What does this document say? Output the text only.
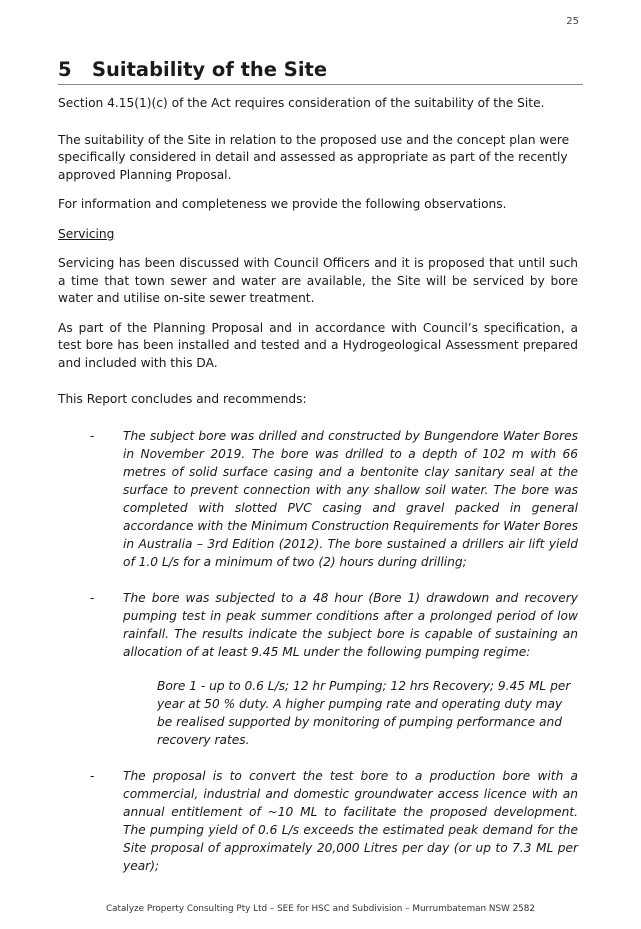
25
5 Suitability of the Site

Section 4.15(1)(c) of the Act requires consideration of the suitability of the Site.

The suitability of the Site in relation to the proposed use and the concept plan were specifically considered in detail and assessed as appropriate as part of the recently approved Planning Proposal.

For information and completeness we provide the following observations.

Servicing

Servicing has been discussed with Council Officers and it is proposed that until such a time that town sewer and water are available, the Site will be serviced by bore water and utilise on-site sewer treatment.

As part of the Planning Proposal and in accordance with Council’s specification, a test bore has been installed and tested and a Hydrogeological Assessment prepared and included with this DA.

This Report concludes and recommends:

-	The subject bore was drilled and constructed by Bungendore Water Bores in November 2019. The bore was drilled to a depth of 102 m with 66 metres of solid surface casing and a bentonite clay sanitary seal at the surface to prevent connection with any shallow soil water. The bore was completed with slotted PVC casing and gravel packed in general accordance with the Minimum Construction Requirements for Water Bores in Australia – 3rd Edition (2012). The bore sustained a drillers air lift yield of 1.0 L/s for a minimum of two (2) hours during drilling;
-	The bore was subjected to a 48 hour (Bore 1) drawdown and recovery pumping test in peak summer conditions after a prolonged period of low rainfall. The results indicate the subject bore is capable of sustaining an allocation of at least 9.45 ML under the following pumping regime:
Bore 1 - up to 0.6 L/s; 12 hr Pumping; 12 hrs Recovery; 9.45 ML per year at 50 % duty. A higher pumping rate and operating duty may be realised supported by monitoring of pumping performance and recovery rates.
-	The proposal is to convert the test bore to a production bore with a commercial, industrial and domestic groundwater access licence with an annual entitlement of ~10 ML to facilitate the proposed development. The pumping yield of 0.6 L/s exceeds the estimated peak demand for the Site proposal of approximately 20,000 Litres per day (or up to 7.3 ML per year);
Catalyze Property Consulting Pty Ltd – SEE for HSC and Subdivision – Murrumbateman NSW 2582
